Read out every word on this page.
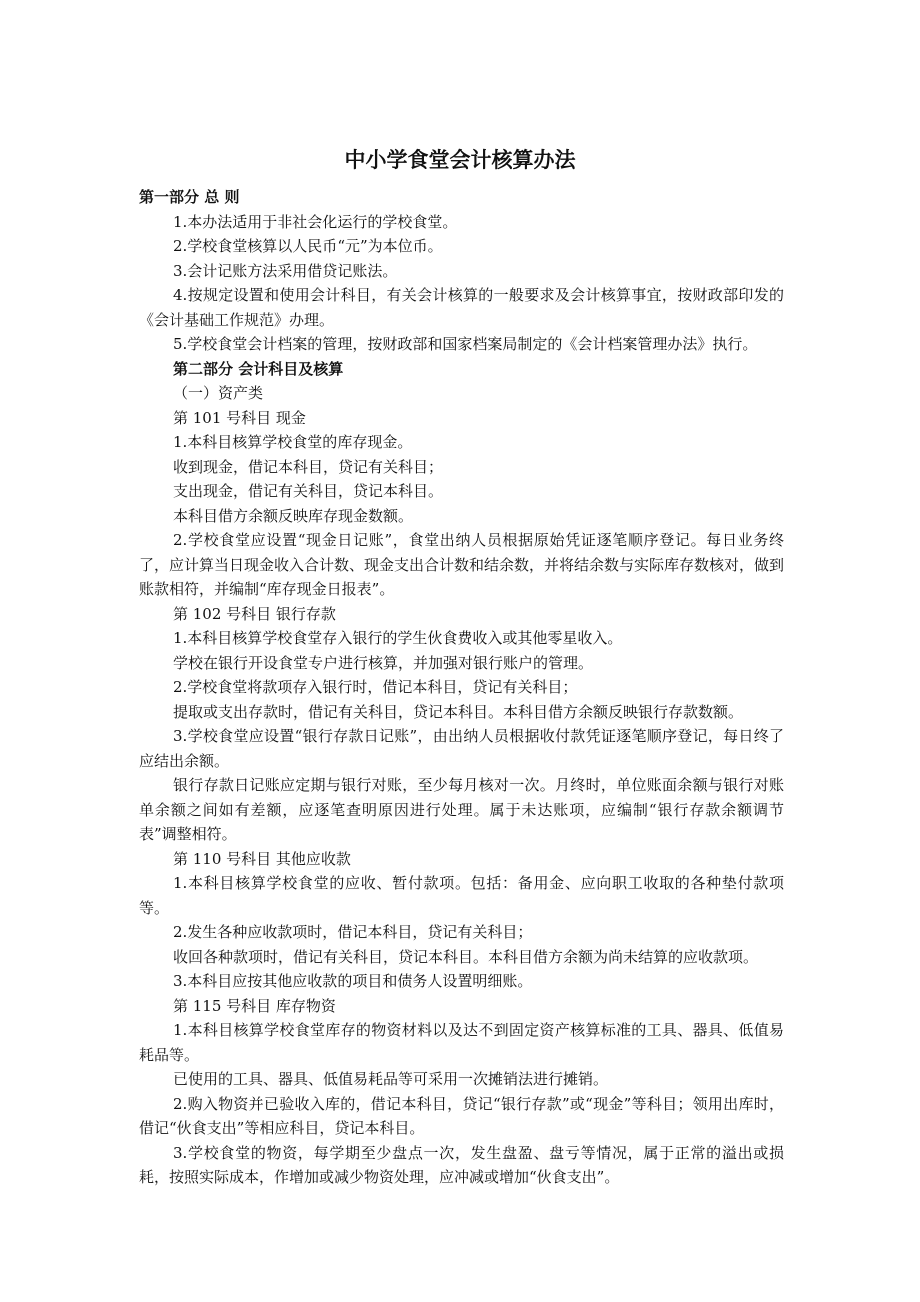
中小学食堂会计核算办法

第一部分 总 则

1.本办法适用于非社会化运行的学校食堂。

2.学校食堂核算以人民币“元”为本位币。

3.会计记账方法采用借贷记账法。

4.按规定设置和使用会计科目，有关会计核算的一般要求及会计核算事宜，按财政部印发的《会计基础工作规范》办理。

5.学校食堂会计档案的管理，按财政部和国家档案局制定的《会计档案管理办法》执行。

第二部分 会计科目及核算

（一）资产类

第 101 号科目 现金

1.本科目核算学校食堂的库存现金。

收到现金，借记本科目，贷记有关科目；

支出现金，借记有关科目，贷记本科目。

本科目借方余额反映库存现金数额。

2.学校食堂应设置“现金日记账”，食堂出纳人员根据原始凭证逐笔顺序登记。每日业务终了，应计算当日现金收入合计数、现金支出合计数和结余数，并将结余数与实际库存数核对，做到账款相符，并编制“库存现金日报表”。

第 102 号科目 银行存款

1.本科目核算学校食堂存入银行的学生伙食费收入或其他零星收入。

学校在银行开设食堂专户进行核算，并加强对银行账户的管理。

2.学校食堂将款项存入银行时，借记本科目，贷记有关科目；

提取或支出存款时，借记有关科目，贷记本科目。本科目借方余额反映银行存款数额。

3.学校食堂应设置“银行存款日记账”，由出纳人员根据收付款凭证逐笔顺序登记，每日终了应结出余额。

银行存款日记账应定期与银行对账，至少每月核对一次。月终时，单位账面余额与银行对账单余额之间如有差额，应逐笔查明原因进行处理。属于未达账项，应编制“银行存款余额调节表”调整相符。

第 110 号科目 其他应收款

1.本科目核算学校食堂的应收、暂付款项。包括：备用金、应向职工收取的各种垫付款项等。

2.发生各种应收款项时，借记本科目，贷记有关科目；

收回各种款项时，借记有关科目，贷记本科目。本科目借方余额为尚未结算的应收款项。

3.本科目应按其他应收款的项目和债务人设置明细账。

第 115 号科目 库存物资

1.本科目核算学校食堂库存的物资材料以及达不到固定资产核算标准的工具、器具、低值易耗品等。

已使用的工具、器具、低值易耗品等可采用一次摊销法进行摊销。

2.购入物资并已验收入库的，借记本科目，贷记“银行存款”或“现金”等科目；领用出库时，借记“伙食支出”等相应科目，贷记本科目。

3.学校食堂的物资，每学期至少盘点一次，发生盘盈、盘亏等情况，属于正常的溢出或损耗，按照实际成本，作增加或减少物资处理，应冲减或增加“伙食支出”。
